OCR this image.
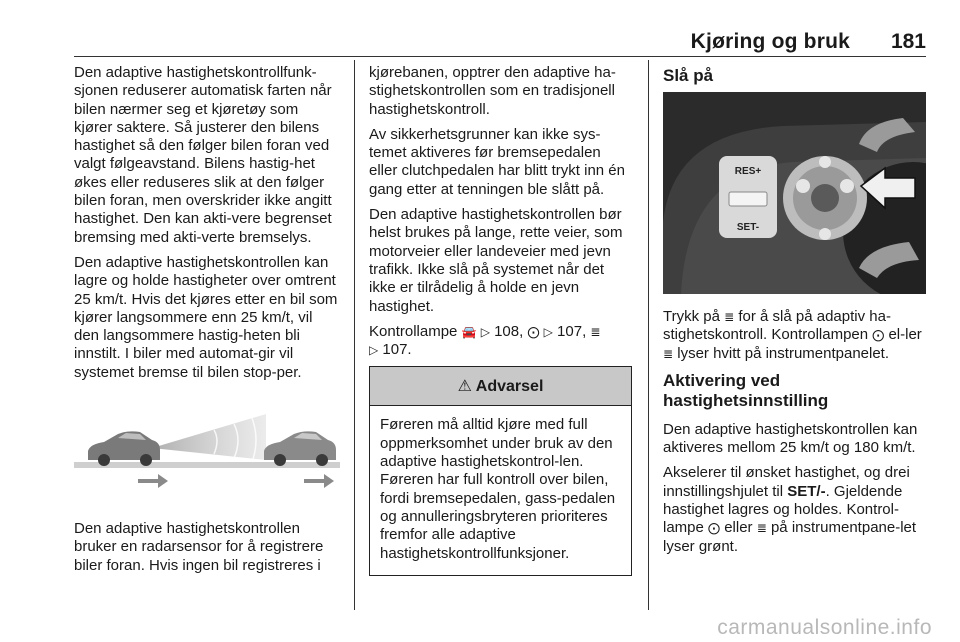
Kjøring og bruk 181

Den adaptive hastighetskontrollfunk-sjonen reduserer automatisk farten når bilen nærmer seg et kjøretøy som kjører saktere. Så justerer den bilens hastighet så den følger bilen foran ved valgt følgeavstand. Bilens hastig-het økes eller reduseres slik at den følger bilen foran, men overskrider ikke angitt hastighet. Den kan akti-vere begrenset bremsing med akti-verte bremselys.

Den adaptive hastighetskontrollen kan lagre og holde hastigheter over omtrent 25 km/t. Hvis det kjøres etter en bil som kjører langsommere enn 25 km/t, vil den langsommere hastig-heten bli innstilt. I biler med automat-gir vil systemet bremse til bilen stop-per.

Den adaptive hastighetskontrollen bruker en radarsensor for å registrere biler foran. Hvis ingen bil registreres i

kjørebanen, opptrer den adaptive ha-stighetskontrollen som en tradisjonell hastighetskontroll.

Av sikkerhetsgrunner kan ikke sys-temet aktiveres før bremsepedalen eller clutchpedalen har blitt trykt inn én gang etter at tenningen ble slått på.

Den adaptive hastighetskontrollen bør helst brukes på lange, rette veier, som motorveier eller landeveier med jevn trafikk. Ikke slå på systemet når det ikke er tilrådelig å holde en jevn hastighet.

Kontrollampe 🚘 ▷ 108, ⨀ ▷ 107, ≣
▷ 107.

⚠ Advarsel
Føreren må alltid kjøre med full oppmerksomhet under bruk av den adaptive hastighetskontrol-len. Føreren har full kontroll over bilen, fordi bremsepedalen, gass-pedalen og annulleringsbryteren prioriteres fremfor alle adaptive hastighetskontrollfunksjoner.
Slå på
RES+
SET-

Trykk på ≣ for å slå på adaptiv ha-stighetskontroll. Kontrollampen ⨀ el-ler ≣ lyser hvitt på instrumentpanelet.

Aktivering ved hastighetsinnstilling

Den adaptive hastighetskontrollen kan aktiveres mellom 25 km/t og 180 km/t.

Akselerer til ønsket hastighet, og drei innstillingshjulet til SET/-. Gjeldende hastighet lagres og holdes. Kontrol-lampe ⨀ eller ≣ på instrumentpane-let lyser grønt.

carmanualsonline.info
